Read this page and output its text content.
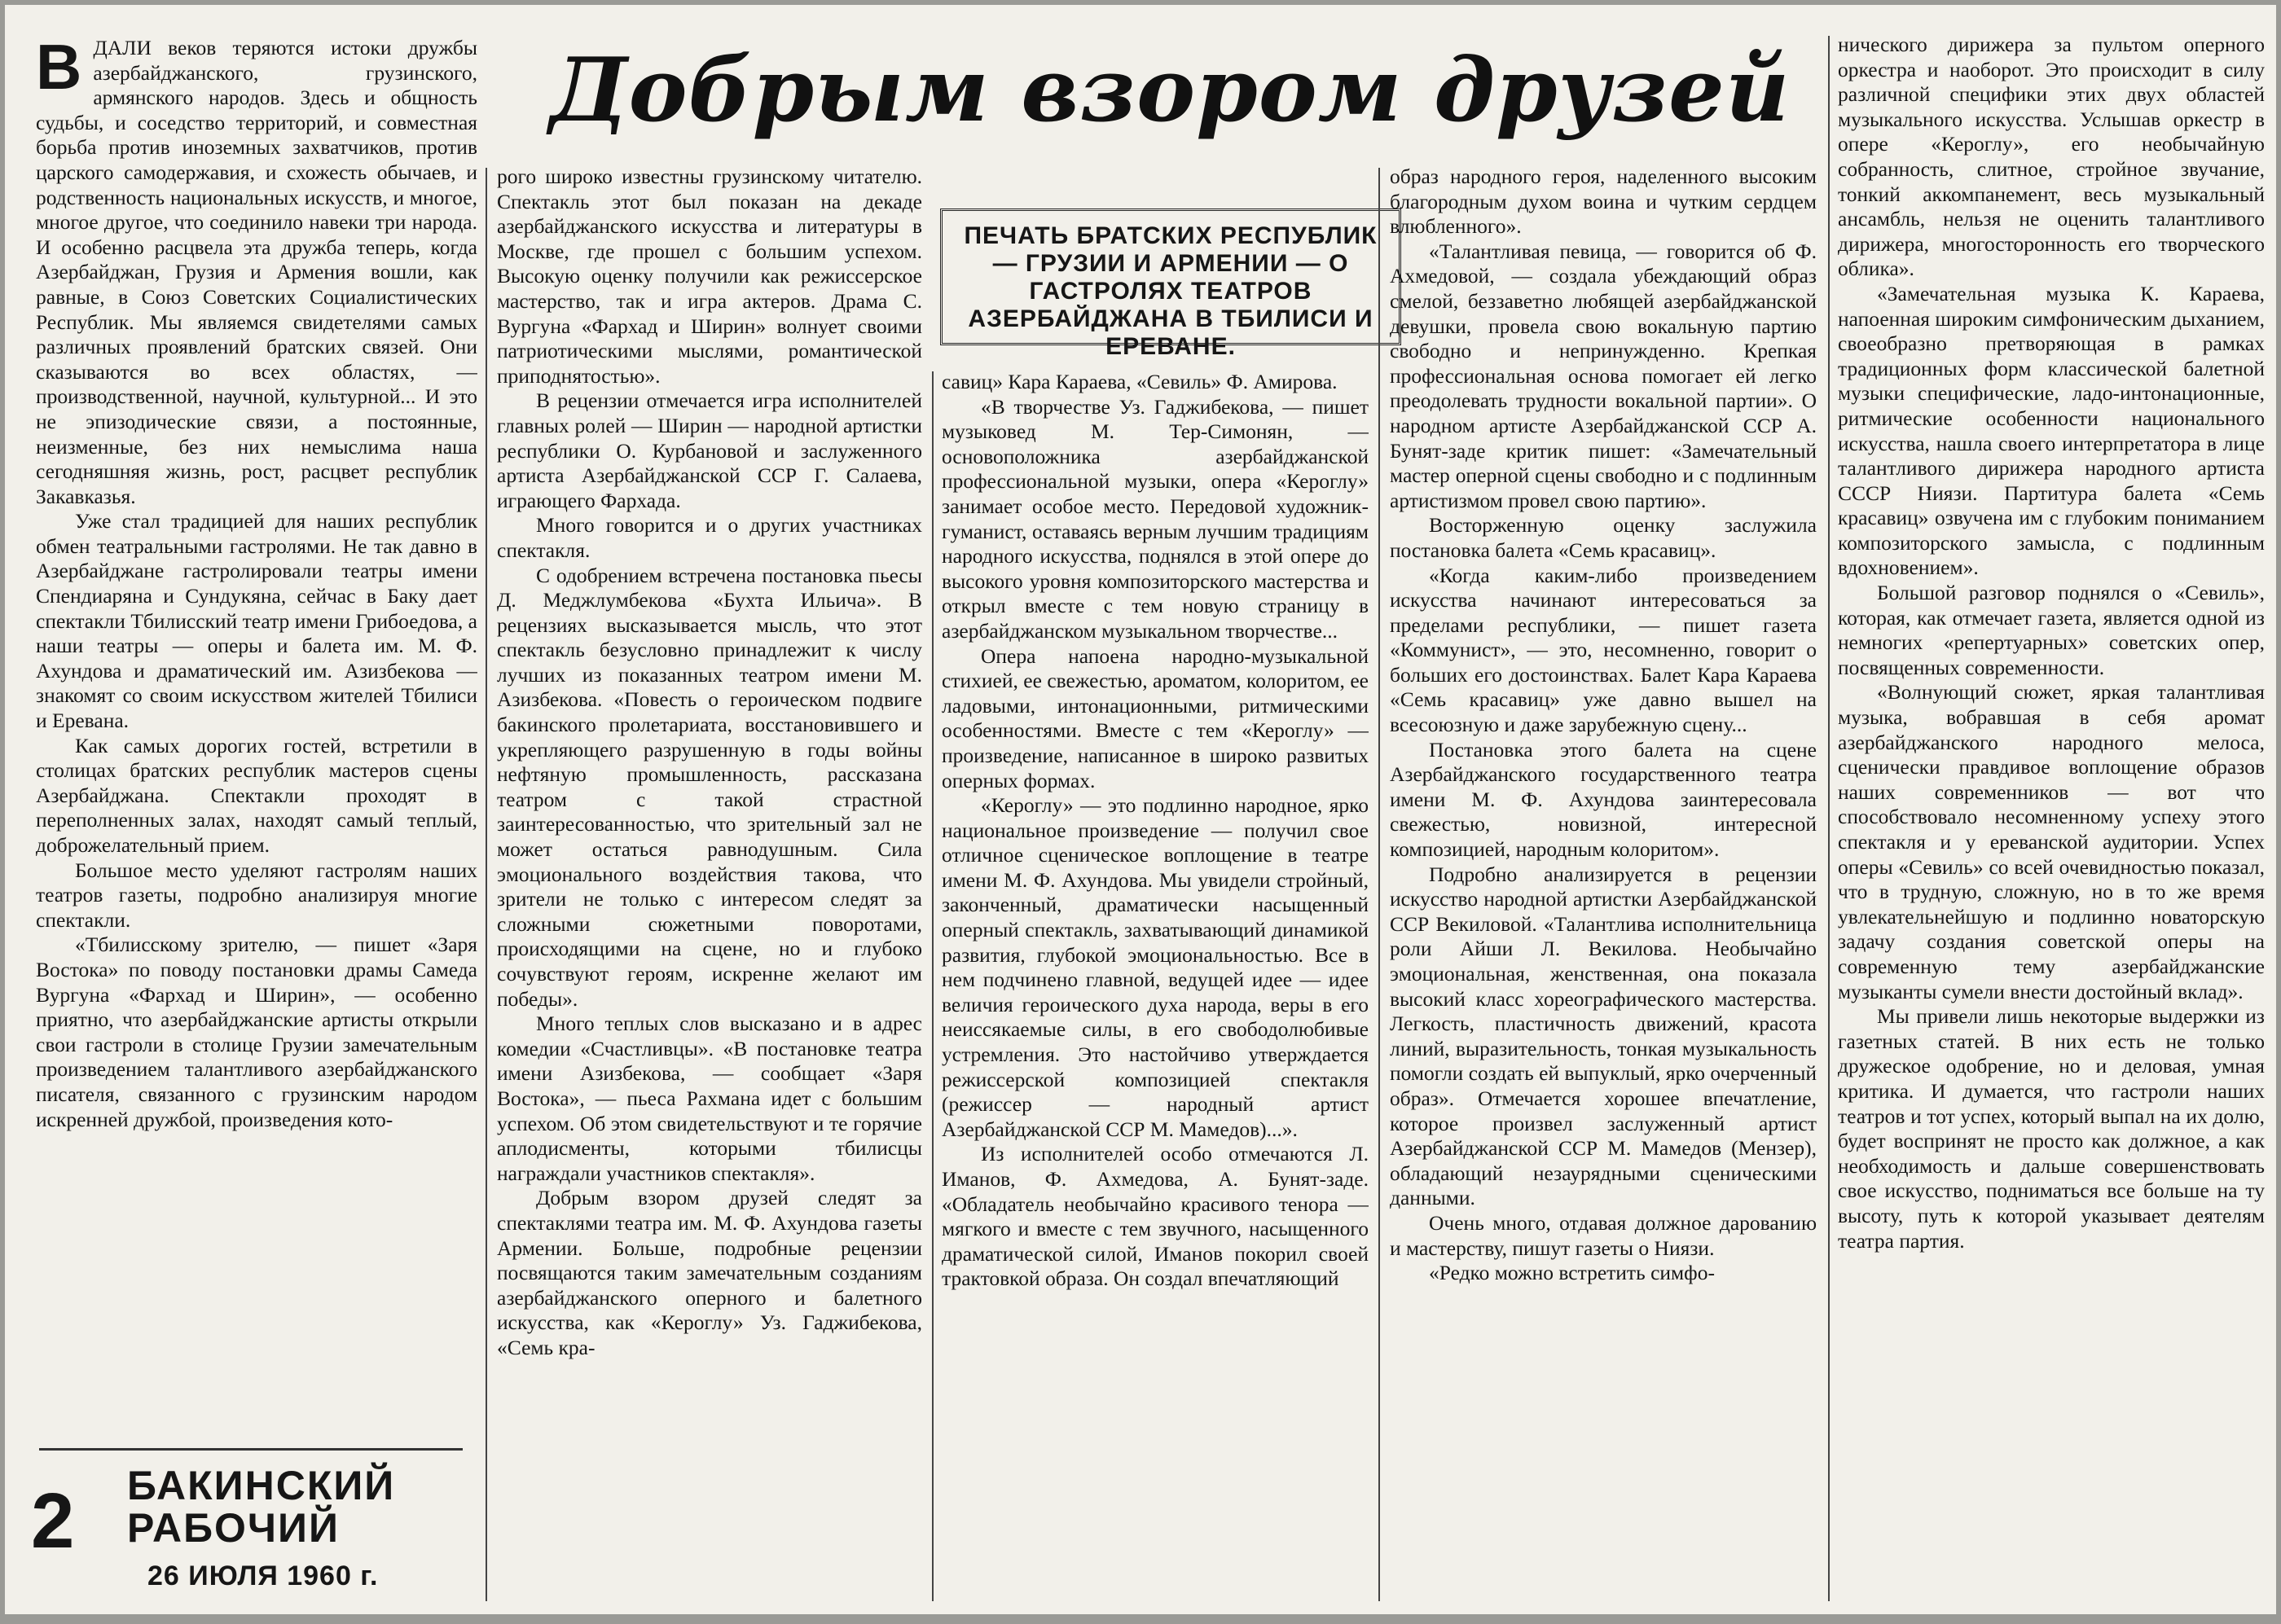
В ДАЛИ веков теряются истоки дружбы азербайджанского, грузинского, армянского народов. Здесь и общность судьбы, и соседство территорий, и совместная борьба против иноземных захватчиков, против царского самодержавия, и схожесть обычаев, и родственность национальных искусств, и многое, многое другое, что соединило навеки три народа. И особенно расцвела эта дружба теперь, когда Азербайджан, Грузия и Армения вошли, как равные, в Союз Советских Социалистических Республик. Мы являемся свидетелями самых различных проявлений братских связей. Они сказываются во всех областях, — производственной, научной, культурной... И это не эпизодические связи, а постоянные, неизменные, без них немыслима наша сегодняшняя жизнь, рост, расцвет республик Закавказья.

Уже стал традицией для наших республик обмен театральными гастролями. Не так давно в Азербайджане гастролировали театры имени Спендиаряна и Сундукяна, сейчас в Баку дает спектакли Тбилисский театр имени Грибоедова, а наши театры — оперы и балета им. М. Ф. Ахундова и драматический им. Азизбекова — знакомят со своим искусством жителей Тбилиси и Еревана.

Как самых дорогих гостей, встретили в столицах братских республик мастеров сцены Азербайджана. Спектакли проходят в переполненных залах, находят самый теплый, доброжелательный прием.

Большое место уделяют гастролям наших театров газеты, подробно анализируя многие спектакли.

«Тбилисскому зрителю, — пишет «Заря Востока» по поводу постановки драмы Самеда Вургуна «Фархад и Ширин», — особенно приятно, что азербайджанские артисты открыли свои гастроли в столице Грузии замечательным произведением талантливого азербайджанского писателя, связанного с грузинским народом искренней дружбой, произведения кото-

2 БАКИНСКИЙ РАБОЧИЙ
26 ИЮЛЯ 1960 г.
Добрым взором друзей
ПЕЧАТЬ БРАТСКИХ РЕСПУБЛИК — ГРУЗИИ И АРМЕНИИ — О ГАСТРОЛЯХ ТЕАТРОВ АЗЕРБАЙДЖАНА В ТБИЛИСИ И ЕРЕВАНЕ.

рого широко известны грузинскому читателю. Спектакль этот был показан на декаде азербайджанского искусства и литературы в Москве, где прошел с большим успехом. Высокую оценку получили как режиссерское мастерство, так и игра актеров. Драма С. Вургуна «Фархад и Ширин» волнует своими патриотическими мыслями, романтической приподнятостью».

В рецензии отмечается игра исполнителей главных ролей — Ширин — народной артистки республики О. Курбановой и заслуженного артиста Азербайджанской ССР Г. Салаева, играющего Фархада.

Много говорится и о других участниках спектакля.

С одобрением встречена постановка пьесы Д. Меджлумбекова «Бухта Ильича». В рецензиях высказывается мысль, что этот спектакль безусловно принадлежит к числу лучших из показанных театром имени М. Азизбекова. «Повесть о героическом подвиге бакинского пролетариата, восстановившего и укрепляющего разрушенную в годы войны нефтяную промышленность, рассказана театром с такой страстной заинтересованностью, что зрительный зал не может остаться равнодушным. Сила эмоционального воздействия такова, что зрители не только с интересом следят за сложными сюжетными поворотами, происходящими на сцене, но и глубоко сочувствуют героям, искренне желают им победы».

Много теплых слов высказано и в адрес комедии «Счастливцы». «В постановке театра имени Азизбекова, — сообщает «Заря Востока», — пьеса Рахмана идет с большим успехом. Об этом свидетельствуют и те горячие аплодисменты, которыми тбилисцы награждали участников спектакля».

Добрым взором друзей следят за спектаклями театра им. М. Ф. Ахундова газеты Армении. Больше, подробные рецензии посвящаются таким замечательным созданиям азербайджанского оперного и балетного искусства, как «Кероглу» Уз. Гаджибекова, «Семь кра-

савиц» Кара Караева, «Севиль» Ф. Амирова.

«В творчестве Уз. Гаджибекова, — пишет музыковед М. Тер-Симонян, — основоположника азербайджанской профессиональной музыки, опера «Кероглу» занимает особое место. Передовой художник-гуманист, оставаясь верным лучшим традициям народного искусства, поднялся в этой опере до высокого уровня композиторского мастерства и открыл вместе с тем новую страницу в азербайджанском музыкальном творчестве...

Опера напоена народно-музыкальной стихией, ее свежестью, ароматом, колоритом, ее ладовыми, интонационными, ритмическими особенностями. Вместе с тем «Кероглу» — произведение, написанное в широко развитых оперных формах.

«Кероглу» — это подлинно народное, ярко национальное произведение — получил свое отличное сценическое воплощение в театре имени М. Ф. Ахундова. Мы увидели стройный, законченный, драматически насыщенный оперный спектакль, захватывающий динамикой развития, глубокой эмоциональностью. Все в нем подчинено главной, ведущей идее — идее величия героического духа народа, веры в его неиссякаемые силы, в его свободолюбивые устремления. Это настойчиво утверждается режиссерской композицией спектакля (режиссер — народный артист Азербайджанской ССР М. Мамедов)...».

Из исполнителей особо отмечаются Л. Иманов, Ф. Ахмедова, А. Бунят-заде. «Обладатель необычайно красивого тенора — мягкого и вместе с тем звучного, насыщенного драматической силой, Иманов покорил своей трактовкой образа. Он создал впечатляющий

образ народного героя, наделенного высоким благородным духом воина и чутким сердцем влюбленного».

«Талантливая певица, — говорится об Ф. Ахмедовой, — создала убеждающий образ смелой, беззаветно любящей азербайджанской девушки, провела свою вокальную партию свободно и непринужденно. Крепкая профессиональная основа помогает ей легко преодолевать трудности вокальной партии». О народном артисте Азербайджанской ССР А. Бунят-заде критик пишет: «Замечательный мастер оперной сцены свободно и с подлинным артистизмом провел свою партию».

Восторженную оценку заслужила постановка балета «Семь красавиц».

«Когда каким-либо произведением искусства начинают интересоваться за пределами республики, — пишет газета «Коммунист», — это, несомненно, говорит о больших его достоинствах. Балет Кара Караева «Семь красавиц» уже давно вышел на всесоюзную и даже зарубежную сцену...

Постановка этого балета на сцене Азербайджанского государственного театра имени М. Ф. Ахундова заинтересовала свежестью, новизной, интересной композицией, народным колоритом».

Подробно анализируется в рецензии искусство народной артистки Азербайджанской ССР Векиловой. «Талантлива исполнительница роли Айши Л. Векилова. Необычайно эмоциональная, женственная, она показала высокий класс хореографического мастерства. Легкость, пластичность движений, красота линий, выразительность, тонкая музыкальность помогли создать ей выпуклый, ярко очерченный образ». Отмечается хорошее впечатление, которое произвел заслуженный артист Азербайджанской ССР М. Мамедов (Мензер), обладающий незаурядными сценическими данными.

Очень много, отдавая должное дарованию и мастерству, пишут газеты о Ниязи.

«Редко можно встретить симфо-

нического дирижера за пультом оперного оркестра и наоборот. Это происходит в силу различной специфики этих двух областей музыкального искусства. Услышав оркестр в опере «Кероглу», его необычайную собранность, слитное, стройное звучание, тонкий аккомпанемент, весь музыкальный ансамбль, нельзя не оценить талантливого дирижера, многосторонность его творческого облика».

«Замечательная музыка К. Караева, напоенная широким симфоническим дыханием, своеобразно претворяющая в рамках традиционных форм классической балетной музыки специфические, ладо-интонационные, ритмические особенности национального искусства, нашла своего интерпретатора в лице талантливого дирижера народного артиста СССР Ниязи. Партитура балета «Семь красавиц» озвучена им с глубоким пониманием композиторского замысла, с подлинным вдохновением».

Большой разговор поднялся о «Севиль», которая, как отмечает газета, является одной из немногих «репертуарных» советских опер, посвященных современности.

«Волнующий сюжет, яркая талантливая музыка, вобравшая в себя аромат азербайджанского народного мелоса, сценически правдивое воплощение образов наших современников — вот что способствовало несомненному успеху этого спектакля и у ереванской аудитории. Успех оперы «Севиль» со всей очевидностью показал, что в трудную, сложную, но в то же время увлекательнейшую и подлинно новаторскую задачу создания советской оперы на современную тему азербайджанские музыканты сумели внести достойный вклад».

Мы привели лишь некоторые выдержки из газетных статей. В них есть не только дружеское одобрение, но и деловая, умная критика. И думается, что гастроли наших театров и тот успех, который выпал на их долю, будет воспринят не просто как должное, а как необходимость и дальше совершенствовать свое искусство, подниматься все больше на ту высоту, путь к которой указывает деятелям театра партия.
